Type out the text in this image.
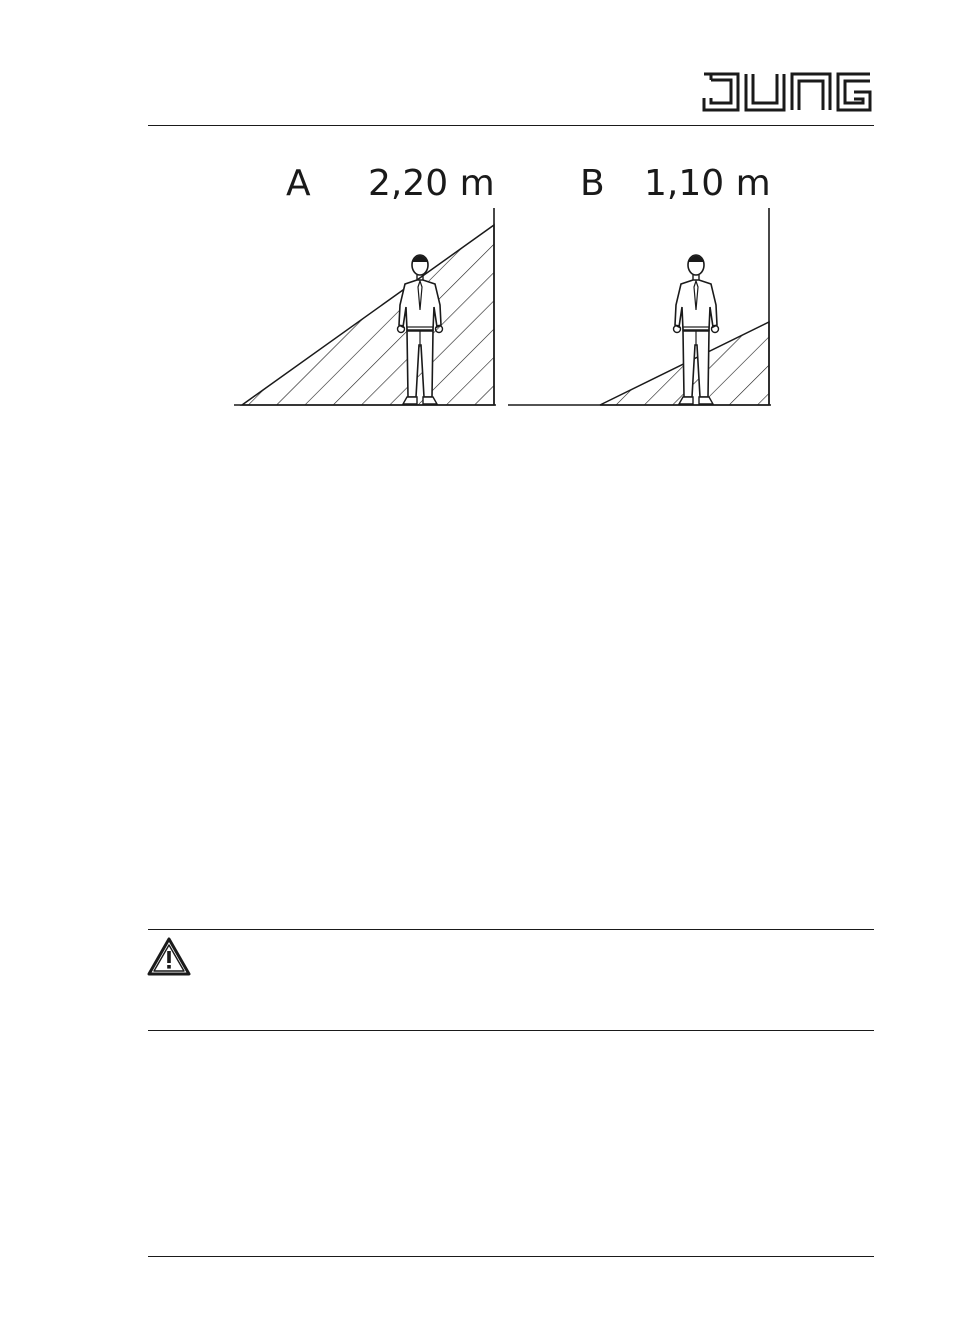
A 2,20 m B 1,10 m
